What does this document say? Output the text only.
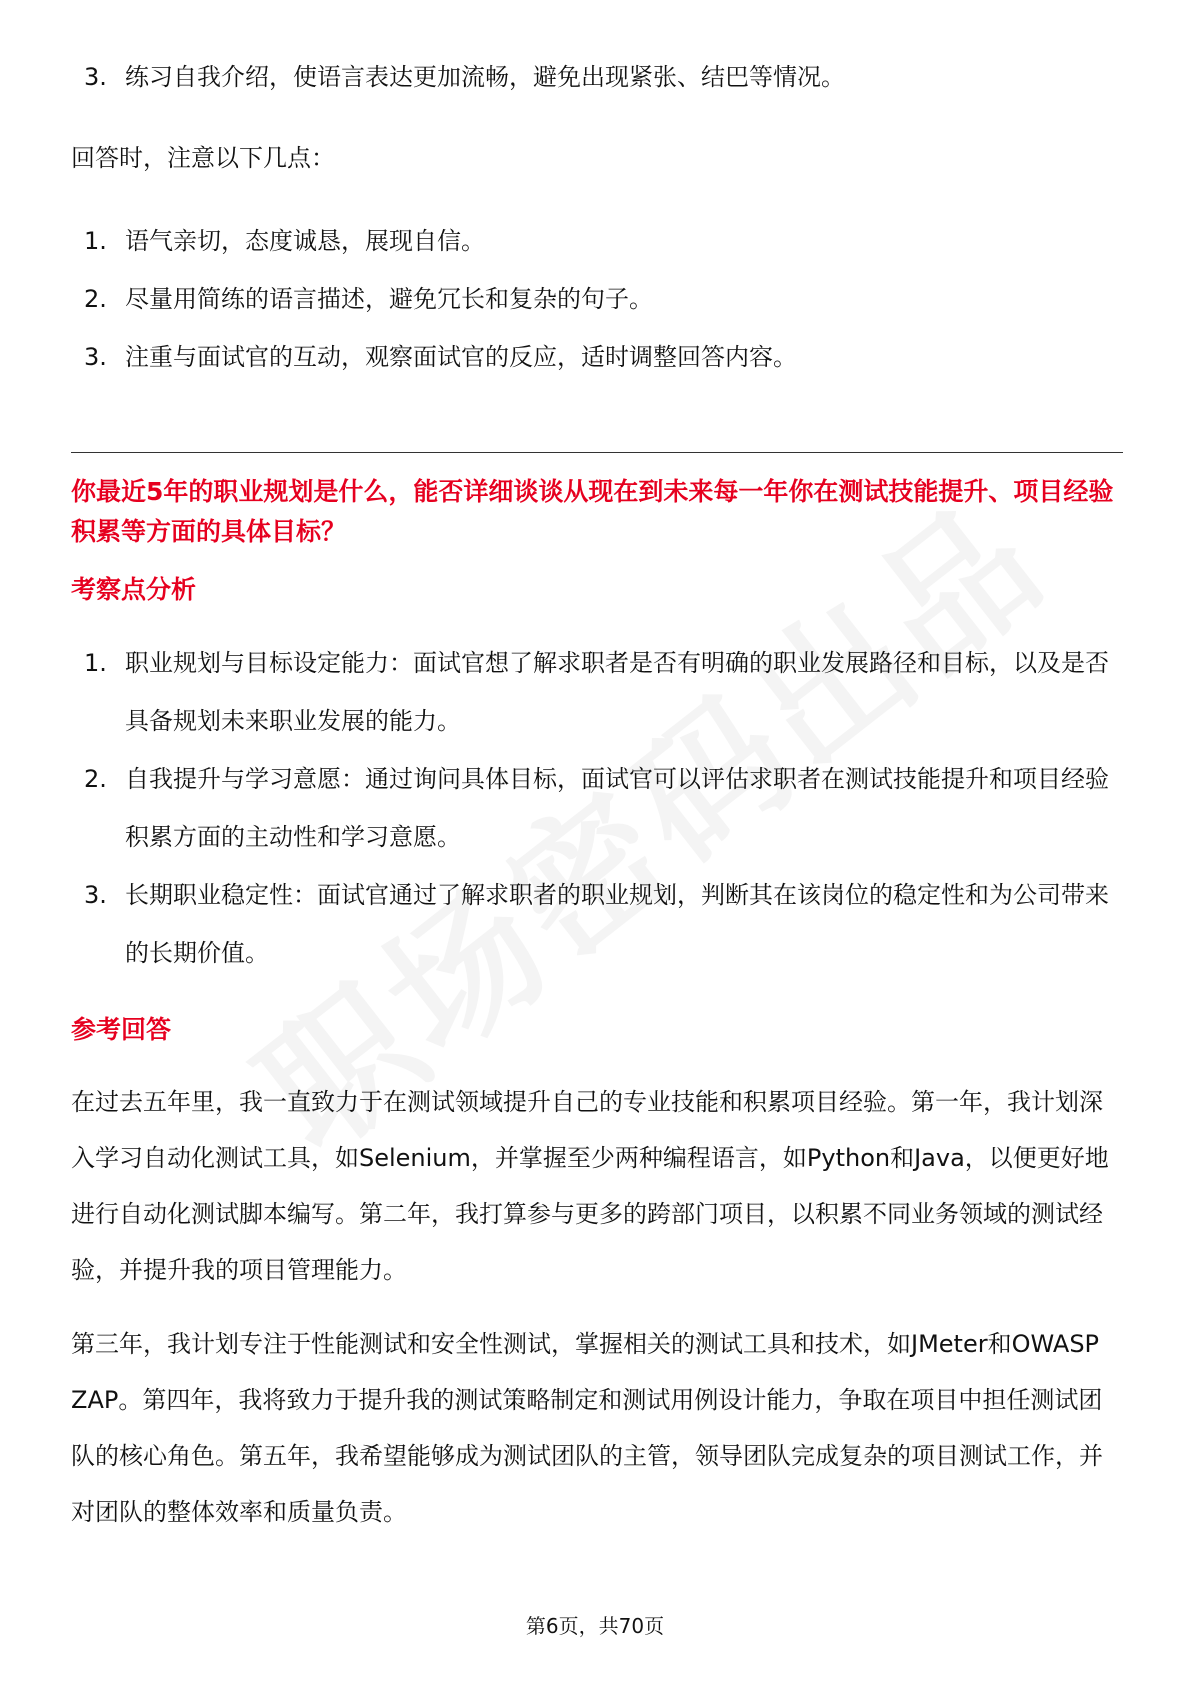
3. 练习自我介绍，使语言表达更加流畅，避免出现紧张、结巴等情况。

回答时，注意以下几点：

1. 语气亲切，态度诚恳，展现自信。
2. 尽量用简练的语言描述，避免冗长和复杂的句子。
3. 注重与面试官的互动，观察面试官的反应，适时调整回答内容。

你最近5年的职业规划是什么，能否详细谈谈从现在到未来每一年你在测试技能提升、项目经验积累等方面的具体目标？

考察点分析

1. 职业规划与目标设定能力：面试官想了解求职者是否有明确的职业发展路径和目标，以及是否具备规划未来职业发展的能力。
2. 自我提升与学习意愿：通过询问具体目标，面试官可以评估求职者在测试技能提升和项目经验积累方面的主动性和学习意愿。
3. 长期职业稳定性：面试官通过了解求职者的职业规划，判断其在该岗位的稳定性和为公司带来的长期价值。

参考回答

在过去五年里，我一直致力于在测试领域提升自己的专业技能和积累项目经验。第一年，我计划深入学习自动化测试工具，如Selenium，并掌握至少两种编程语言，如Python和Java，以便更好地进行自动化测试脚本编写。第二年，我打算参与更多的跨部门项目，以积累不同业务领域的测试经验，并提升我的项目管理能力。

第三年，我计划专注于性能测试和安全性测试，掌握相关的测试工具和技术，如JMeter和OWASP ZAP。第四年，我将致力于提升我的测试策略制定和测试用例设计能力，争取在项目中担任测试团队的核心角色。第五年，我希望能够成为测试团队的主管，领导团队完成复杂的项目测试工作，并对团队的整体效率和质量负责。

第6页，共70页
